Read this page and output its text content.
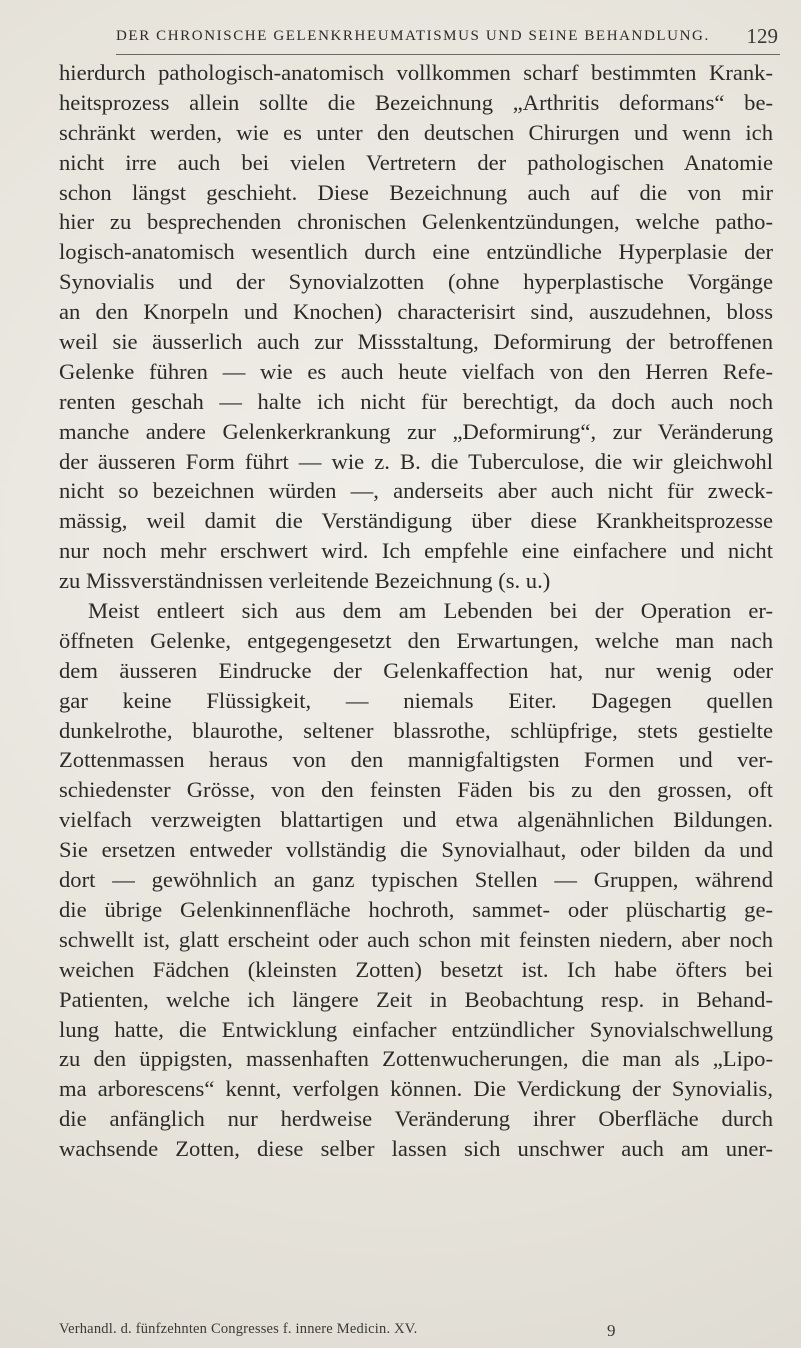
DER CHRONISCHE GELENKRHEUMATISMUS UND SEINE BEHANDLUNG. 129
hierdurch pathologisch-anatomisch vollkommen scharf bestimmten Krank-
heitsprozess allein sollte die Bezeichnung „Arthritis deformans“ be-
schränkt werden, wie es unter den deutschen Chirurgen und wenn ich
nicht irre auch bei vielen Vertretern der pathologischen Anatomie
schon längst geschieht. Diese Bezeichnung auch auf die von mir
hier zu besprechenden chronischen Gelenkentzündungen, welche patho-
logisch-anatomisch wesentlich durch eine entzündliche Hyperplasie der
Synovialis und der Synovialzotten (ohne hyperplastische Vorgänge
an den Knorpeln und Knochen) characterisirt sind, auszudehnen, bloss
weil sie äusserlich auch zur Missstaltung, Deformirung der betroffenen
Gelenke führen — wie es auch heute vielfach von den Herren Refe-
renten geschah — halte ich nicht für berechtigt, da doch auch noch
manche andere Gelenkerkrankung zur „Deformirung“, zur Veränderung
der äusseren Form führt — wie z. B. die Tuberculose, die wir gleichwohl
nicht so bezeichnen würden —, anderseits aber auch nicht für zweck-
mässig, weil damit die Verständigung über diese Krankheitsprozesse
nur noch mehr erschwert wird. Ich empfehle eine einfachere und nicht
zu Missverständnissen verleitende Bezeichnung (s. u.)
Meist entleert sich aus dem am Lebenden bei der Operation er-
öffneten Gelenke, entgegengesetzt den Erwartungen, welche man nach
dem äusseren Eindrucke der Gelenkaffection hat, nur wenig oder
gar keine Flüssigkeit, — niemals Eiter. Dagegen quellen
dunkelrothe, blaurothe, seltener blassrothe, schlüpfrige, stets gestielte
Zottenmassen heraus von den mannigfaltigsten Formen und ver-
schiedenster Grösse, von den feinsten Fäden bis zu den grossen, oft
vielfach verzweigten blattartigen und etwa algenähnlichen Bildungen.
Sie ersetzen entweder vollständig die Synovialhaut, oder bilden da und
dort — gewöhnlich an ganz typischen Stellen — Gruppen, während
die übrige Gelenkinnenfläche hochroth, sammet- oder plüschartig ge-
schwellt ist, glatt erscheint oder auch schon mit feinsten niedern, aber noch
weichen Fädchen (kleinsten Zotten) besetzt ist. Ich habe öfters bei
Patienten, welche ich längere Zeit in Beobachtung resp. in Behand-
lung hatte, die Entwicklung einfacher entzündlicher Synovialschwellung
zu den üppigsten, massenhaften Zottenwucherungen, die man als „Lipo-
ma arborescens“ kennt, verfolgen können. Die Verdickung der Synovialis,
die anfänglich nur herdweise Veränderung ihrer Oberfläche durch
wachsende Zotten, diese selber lassen sich unschwer auch am uner-
Verhandl. d. fünfzehnten Congresses f. innere Medicin. XV.	9
